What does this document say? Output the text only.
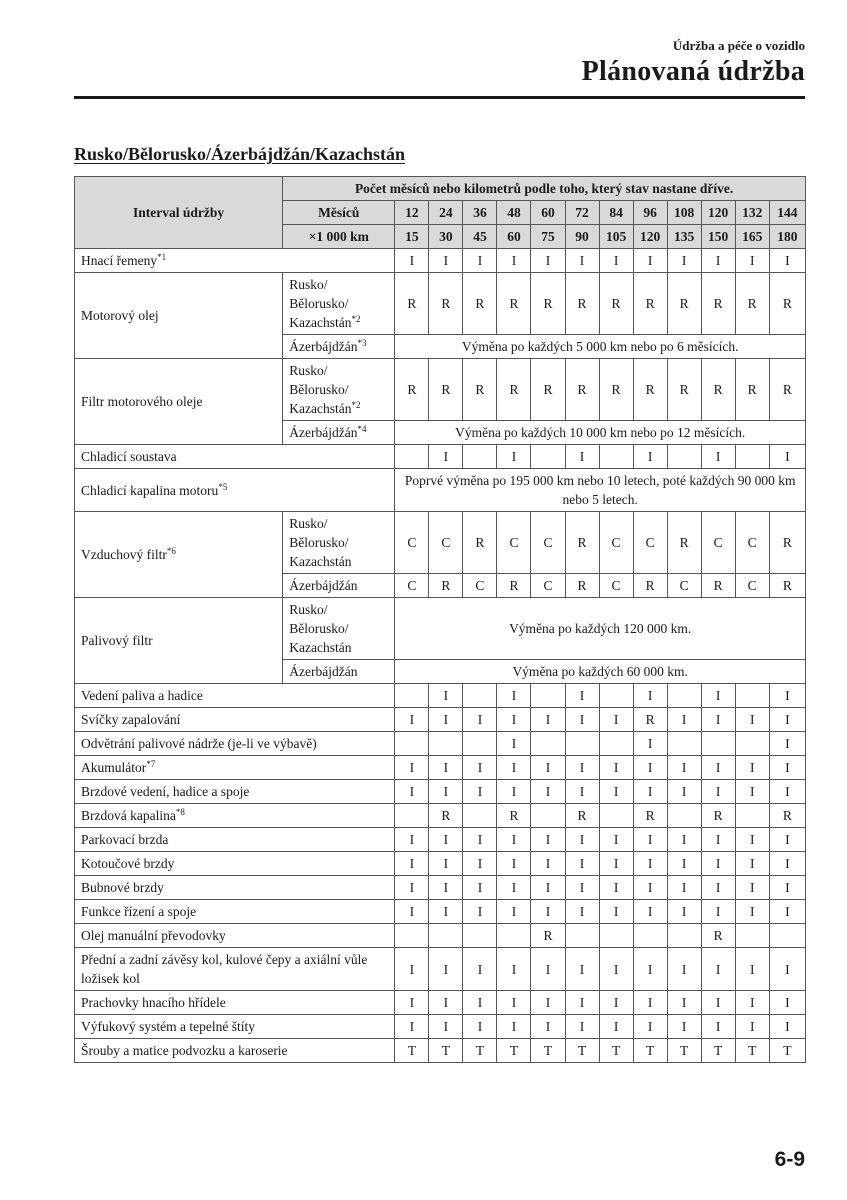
Údržba a péče o vozidlo
Plánovaná údržba
Rusko/Bělorusko/Ázerbájdžán/Kazachstán
Interval údržby	Počet měsíců nebo kilometrů podle toho, který stav nastane dříve.												
	Měsíců	12	24	36	48	60	72	84	96	108	120	132	144
	×1 000 km	15	30	45	60	75	90	105	120	135	150	165	180
Hnací řemeny$^{*1}$		I	I	I	I	I	I	I	I	I	I	I	I
Motorový olej	Rusko/ Bělorusko/ Kazachstán$^{*2}$	R	R	R	R	R	R	R	R	R	R	R	R
	Ázerbájdžán$^{*3}$	Výměna po každých 5 000 km nebo po 6 měsících.											
Filtr motorového oleje	Rusko/ Bělorusko/ Kazachstán$^{*2}$	R	R	R	R	R	R	R	R	R	R	R	R
	Ázerbájdžán$^{*4}$	Výměna po každých 10 000 km nebo po 12 měsících.											
Chladicí soustava			I		I		I		I		I		I
Chladicí kapalina motoru$^{*5}$		Poprvé výměna po 195 000 km nebo 10 letech, poté každých 90 000 km nebo 5 letech.											
Vzduchový filtr$^{*6}$	Rusko/ Bělorusko/ Kazachstán	C	C	R	C	C	R	C	C	R	C	C	R
	Ázerbájdžán	C	R	C	R	C	R	C	R	C	R	C	R
Palivový filtr	Rusko/ Bělorusko/ Kazachstán	Výměna po každých 120 000 km.											
	Ázerbájdžán	Výměna po každých 60 000 km.											
Vedení paliva a hadice			I		I		I		I		I		I
Svíčky zapalování		I	I	I	I	I	I	I	R	I	I	I	I
Odvětrání palivové nádrže (je-li ve výbavě)					I				I				I
Akumulátor$^{*7}$		I	I	I	I	I	I	I	I	I	I	I	I
Brzdové vedení, hadice a spoje		I	I	I	I	I	I	I	I	I	I	I	I
Brzdová kapalina$^{*8}$			R		R		R		R		R		R
Parkovací brzda		I	I	I	I	I	I	I	I	I	I	I	I
Kotoučové brzdy		I	I	I	I	I	I	I	I	I	I	I	I
Bubnové brzdy		I	I	I	I	I	I	I	I	I	I	I	I
Funkce řízení a spoje		I	I	I	I	I	I	I	I	I	I	I	I
Olej manuální převodovky						R					R		
Přední a zadní závěsy kol, kulové čepy a axiální vůle ložisek kol		I	I	I	I	I	I	I	I	I	I	I	I
Prachovky hnacího hřídele		I	I	I	I	I	I	I	I	I	I	I	I
Výfukový systém a tepelné štíty		I	I	I	I	I	I	I	I	I	I	I	I
Šrouby a matice podvozku a karoserie		T	T	T	T	T	T	T	T	T	T	T	T
6-9
